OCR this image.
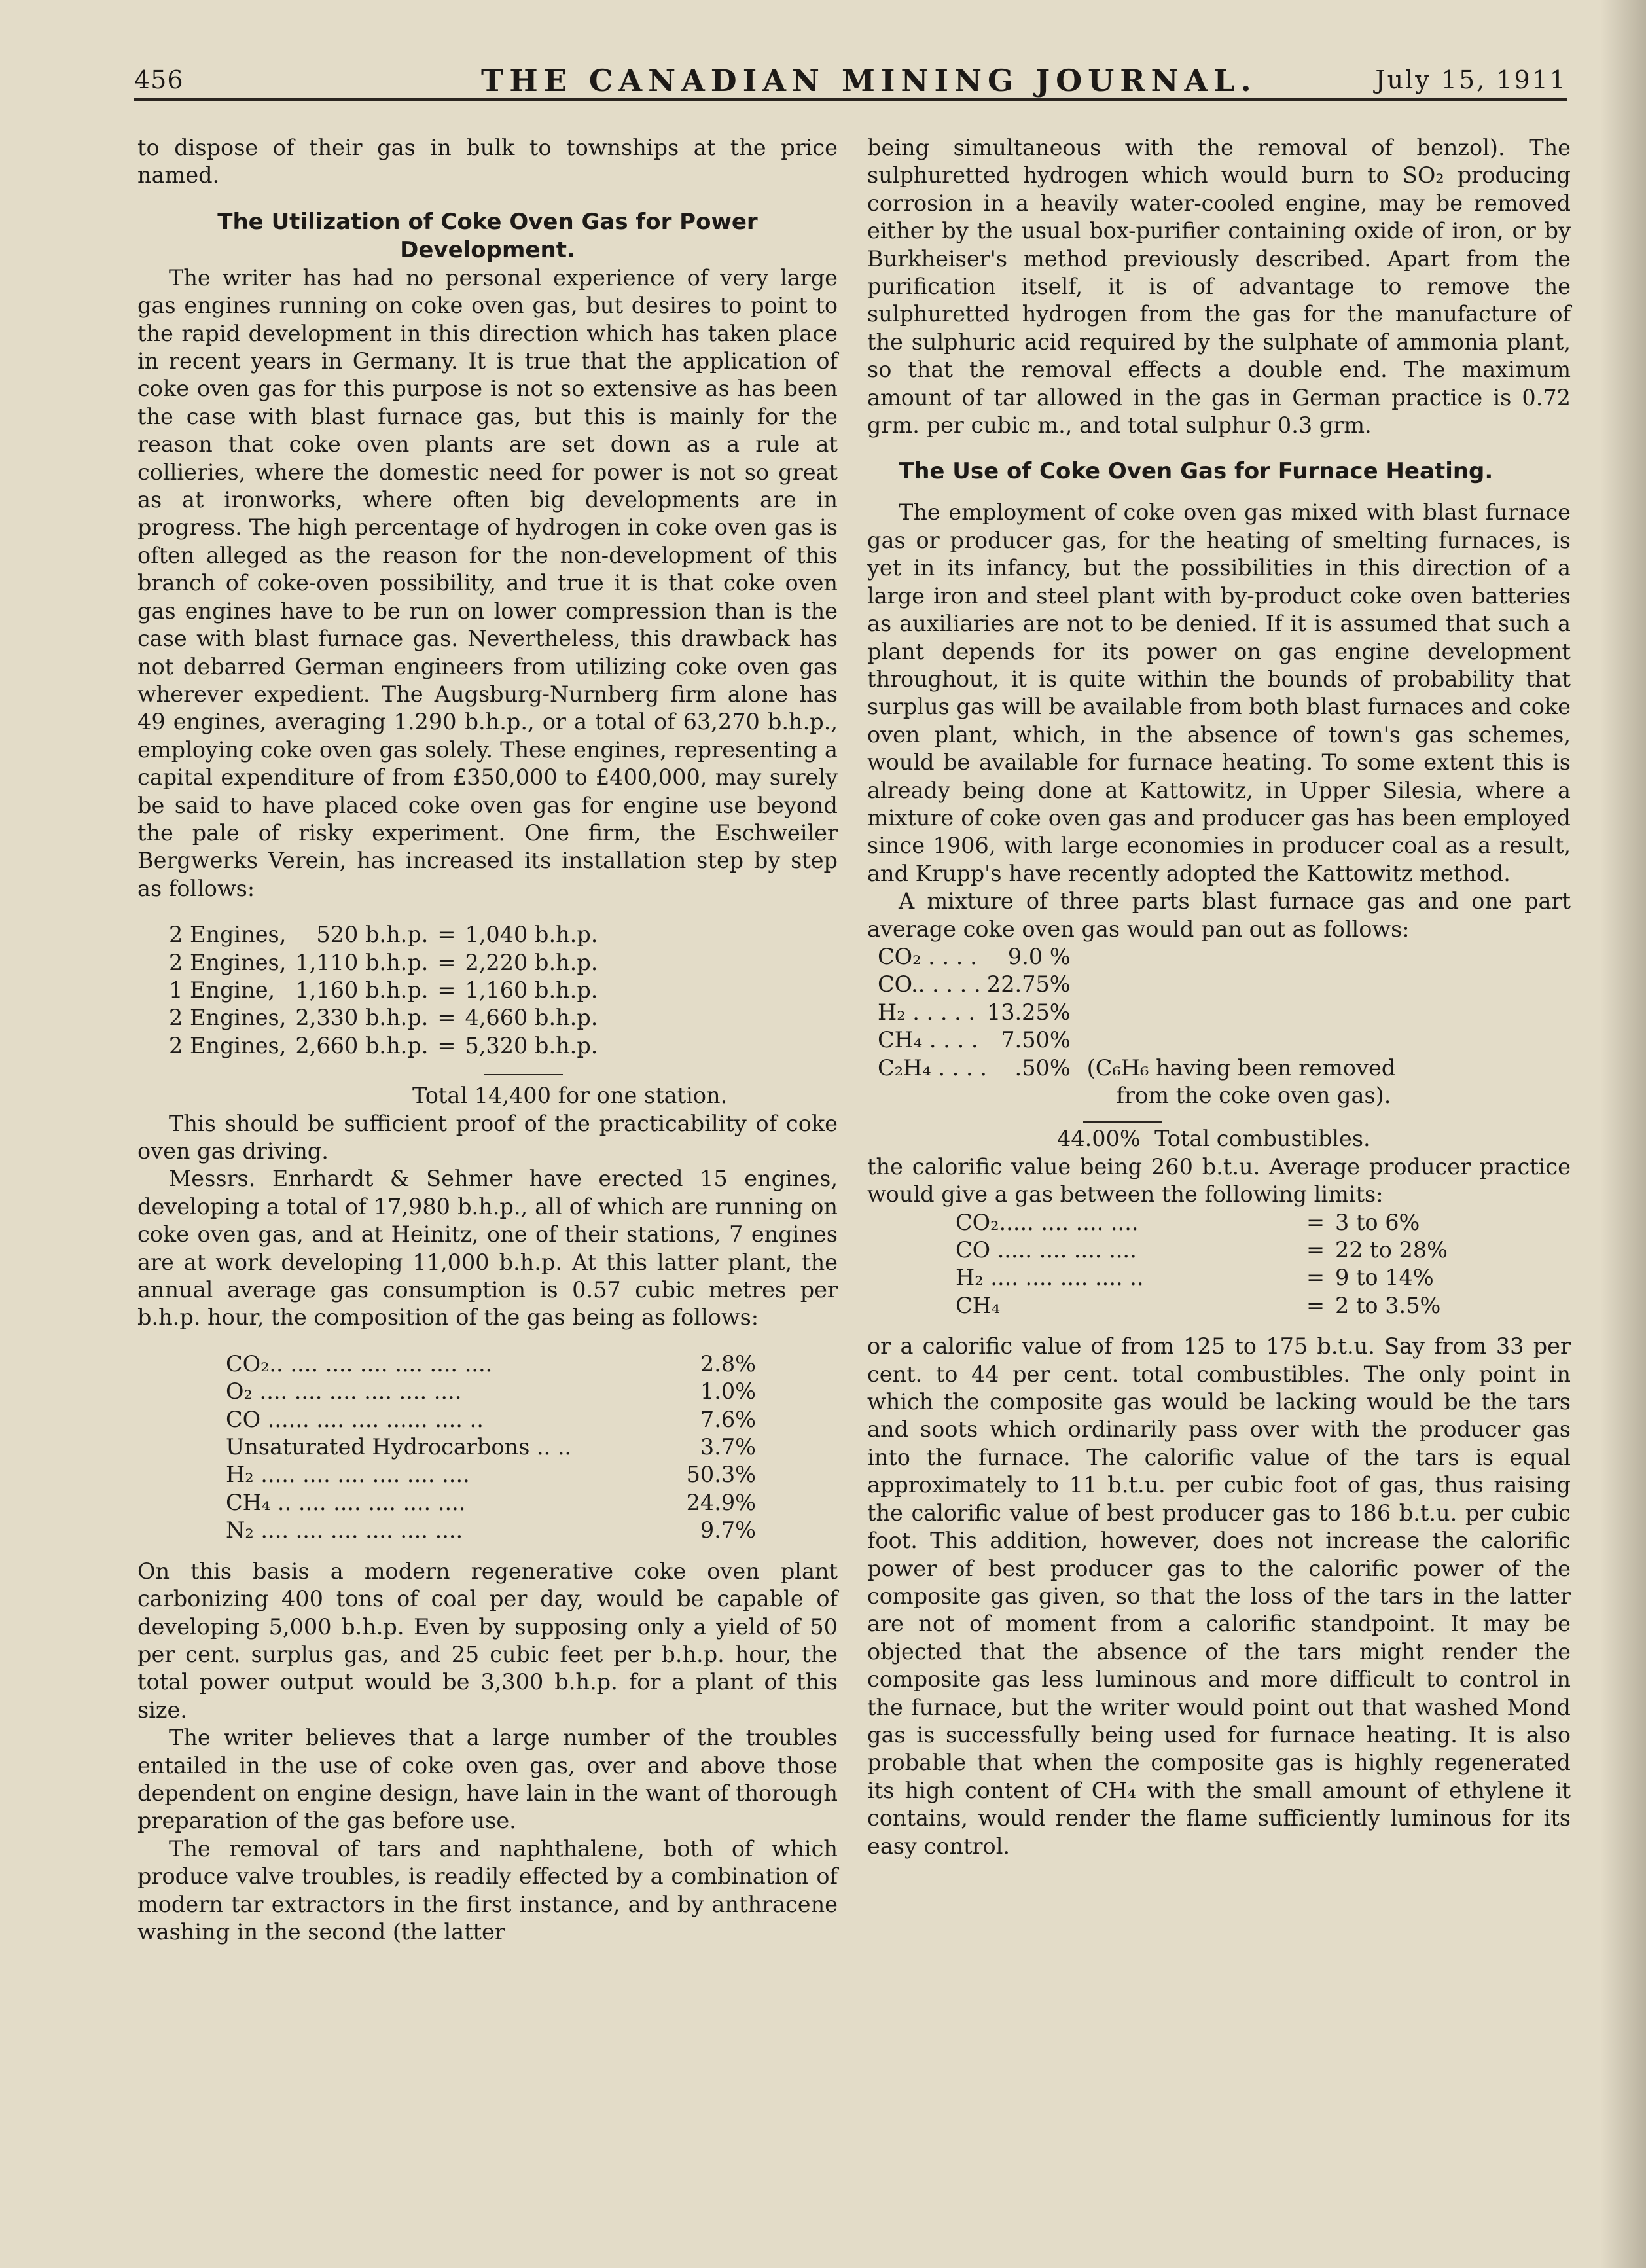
456	THE CANADIAN MINING JOURNAL.	July 15, 1911

to dispose of their gas in bulk to townships at the price named.

The Utilization of Coke Oven Gas for Power Development.

The writer has had no personal experience of very large gas engines running on coke oven gas, but desires to point to the rapid development in this direction which has taken place in recent years in Germany. It is true that the application of coke oven gas for this purpose is not so extensive as has been the case with blast furnace gas, but this is mainly for the reason that coke oven plants are set down as a rule at collieries, where the domestic need for power is not so great as at ironworks, where often big developments are in progress. The high percentage of hydrogen in coke oven gas is often alleged as the reason for the non-development of this branch of coke-oven possibility, and true it is that coke oven gas engines have to be run on lower compression than is the case with blast furnace gas. Nevertheless, this drawback has not debarred German engineers from utilizing coke oven gas wherever expedient. The Augsburg-Nurnberg firm alone has 49 engines, averaging 1.290 b.h.p., or a total of 63,270 b.h.p., employing coke oven gas solely. These engines, representing a capital expenditure of from £350,000 to £400,000, may surely be said to have placed coke oven gas for engine use beyond the pale of risky experiment. One firm, the Eschweiler Bergwerks Verein, has increased its installation step by step as follows:

2 Engines,	520 b.h.p.	=	1,040 b.h.p.
2 Engines,	1,110 b.h.p.	=	2,220 b.h.p.
1 Engine,	1,160 b.h.p.	=	1,160 b.h.p.
2 Engines,	2,330 b.h.p.	=	4,660 b.h.p.
2 Engines,	2,660 b.h.p.	=	5,320 b.h.p.
Total 14,400 for one station.

This should be sufficient proof of the practicability of coke oven gas driving.

Messrs. Enrhardt & Sehmer have erected 15 engines, developing a total of 17,980 b.h.p., all of which are running on coke oven gas, and at Heinitz, one of their stations, 7 engines are at work developing 11,000 b.h.p. At this latter plant, the annual average gas consumption is 0.57 cubic metres per b.h.p. hour, the composition of the gas being as follows:

CO₂.. .... .... .... .... .... ....	2.8%
O₂ .... .... .... .... .... ....	1.0%
CO ...... .... .... ...... .... ..	7.6%
Unsaturated Hydrocarbons .. ..	3.7%
H₂ ..... .... .... .... .... ....	50.3%
CH₄ .. .... .... .... .... ....	24.9%
N₂ .... .... .... .... .... ....	9.7%

On this basis a modern regenerative coke oven plant carbonizing 400 tons of coal per day, would be capable of developing 5,000 b.h.p. Even by supposing only a yield of 50 per cent. surplus gas, and 25 cubic feet per b.h.p. hour, the total power output would be 3,300 b.h.p. for a plant of this size.

The writer believes that a large number of the troubles entailed in the use of coke oven gas, over and above those dependent on engine design, have lain in the want of thorough preparation of the gas before use.

The removal of tars and naphthalene, both of which produce valve troubles, is readily effected by a combination of modern tar extractors in the first instance, and by anthracene washing in the second (the latter

being simultaneous with the removal of benzol). The sulphuretted hydrogen which would burn to SO₂ producing corrosion in a heavily water-cooled engine, may be removed either by the usual box-purifier containing oxide of iron, or by Burkheiser's method previously described. Apart from the purification itself, it is of advantage to remove the sulphuretted hydrogen from the gas for the manufacture of the sulphuric acid required by the sulphate of ammonia plant, so that the removal effects a double end. The maximum amount of tar allowed in the gas in German practice is 0.72 grm. per cubic m., and total sulphur 0.3 grm.

The Use of Coke Oven Gas for Furnace Heating.

The employment of coke oven gas mixed with blast furnace gas or producer gas, for the heating of smelting furnaces, is yet in its infancy, but the possibilities in this direction of a large iron and steel plant with by-product coke oven batteries as auxiliaries are not to be denied. If it is assumed that such a plant depends for its power on gas engine development throughout, it is quite within the bounds of probability that surplus gas will be available from both blast furnaces and coke oven plant, which, in the absence of town's gas schemes, would be available for furnace heating. To some extent this is already being done at Kattowitz, in Upper Silesia, where a mixture of coke oven gas and producer gas has been employed since 1906, with large economies in producer coal as a result, and Krupp's have recently adopted the Kattowitz method.

A mixture of three parts blast furnace gas and one part average coke oven gas would pan out as follows:

CO₂ . . . .	9.0 %	
CO.. . . . .	22.75%	
H₂ . . . . .	13.25%	
CH₄ . . . .	7.50%	
C₂H₄ . . . .	.50%	(C₆H₆ having been removed
		from the coke oven gas).
44.00% Total combustibles.

the calorific value being 260 b.t.u. Average producer practice would give a gas between the following limits:

CO₂..... .... .... ....	=	3 to 6%
CO ..... .... .... ....	=	22 to 28%
H₂ .... .... .... .... ..	=	9 to 14%
CH₄	=	2 to 3.5%

or a calorific value of from 125 to 175 b.t.u. Say from 33 per cent. to 44 per cent. total combustibles. The only point in which the composite gas would be lacking would be the tars and soots which ordinarily pass over with the producer gas into the furnace. The calorific value of the tars is equal approximately to 11 b.t.u. per cubic foot of gas, thus raising the calorific value of best producer gas to 186 b.t.u. per cubic foot. This addition, however, does not increase the calorific power of best producer gas to the calorific power of the composite gas given, so that the loss of the tars in the latter are not of moment from a calorific standpoint. It may be objected that the absence of the tars might render the composite gas less luminous and more difficult to control in the furnace, but the writer would point out that washed Mond gas is successfully being used for furnace heating. It is also probable that when the composite gas is highly regenerated its high content of CH₄ with the small amount of ethylene it contains, would render the flame sufficiently luminous for its easy control.
